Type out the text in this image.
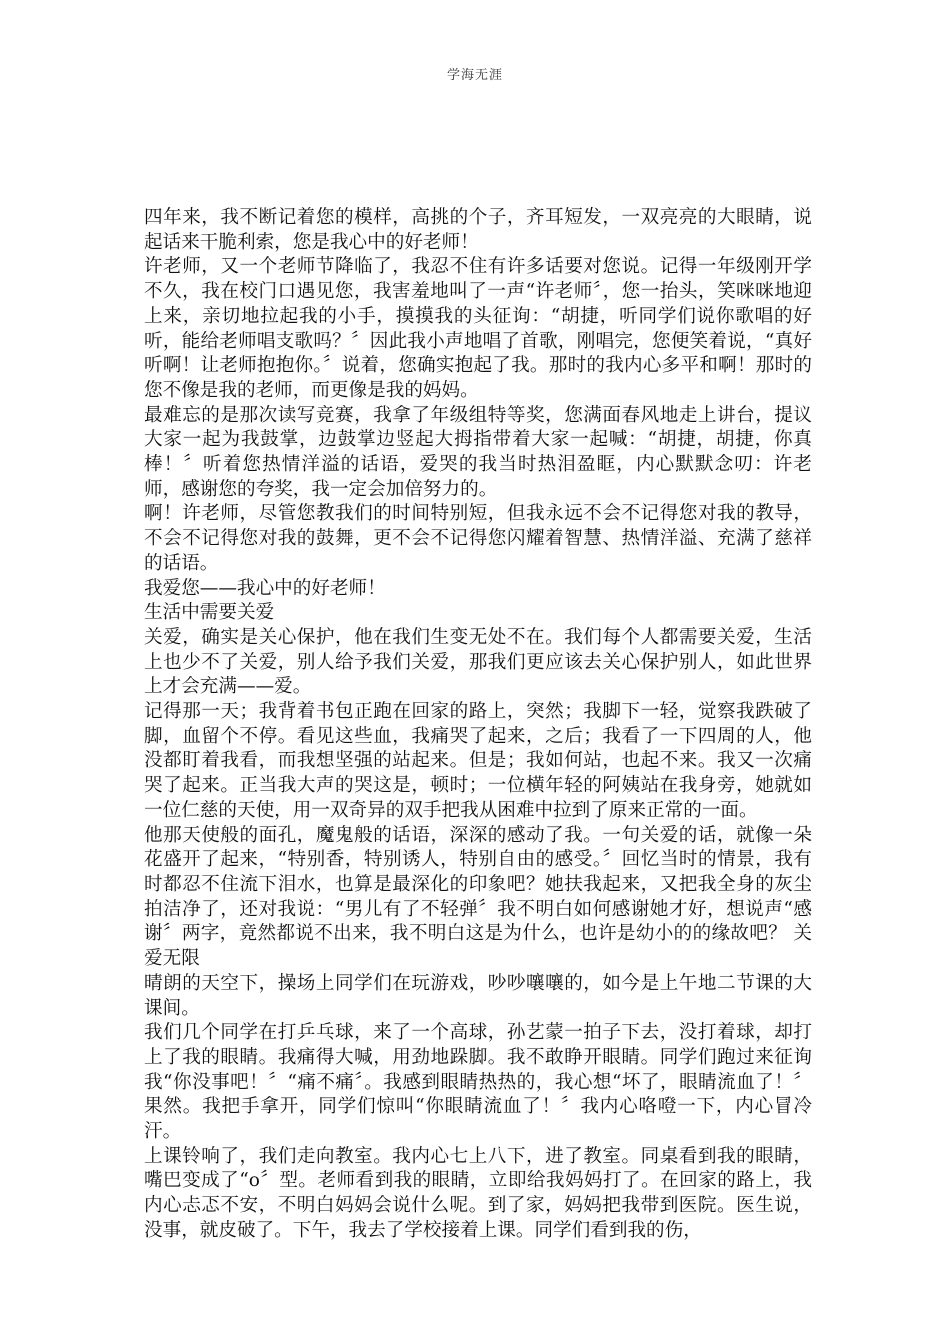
学海无涯

四年来，我不断记着您的模样，高挑的个子，齐耳短发，一双亮亮的大眼睛，说起话来干脆利索，您是我心中的好老师！

许老师，又一个老师节降临了，我忍不住有许多话要对您说。记得一年级刚开学不久，我在校门口遇见您，我害羞地叫了一声“许老师〞，您一抬头，笑咪咪地迎上来，亲切地拉起我的小手，摸摸我的头征询：“胡捷，听同学们说你歌唱的好听，能给老师唱支歌吗？〞因此我小声地唱了首歌，刚唱完，您便笑着说，“真好听啊！让老师抱抱你。〞说着，您确实抱起了我。那时的我内心多平和啊！那时的您不像是我的老师，而更像是我的妈妈。

最难忘的是那次读写竞赛，我拿了年级组特等奖，您满面春风地走上讲台，提议大家一起为我鼓掌，边鼓掌边竖起大拇指带着大家一起喊：“胡捷，胡捷，你真棒！〞听着您热情洋溢的话语，爱哭的我当时热泪盈眶，内心默默念叨：许老师，感谢您的夸奖，我一定会加倍努力的。

啊！许老师，尽管您教我们的时间特别短，但我永远不会不记得您对我的教导，不会不记得您对我的鼓舞，更不会不记得您闪耀着智慧、热情洋溢、充满了慈祥的话语。

我爱您——我心中的好老师！

生活中需要关爱

关爱，确实是关心保护，他在我们生变无处不在。我们每个人都需要关爱，生活上也少不了关爱，别人给予我们关爱，那我们更应该去关心保护别人，如此世界上才会充满——爱。

记得那一天；我背着书包正跑在回家的路上，突然；我脚下一轻，觉察我跌破了脚，血留个不停。看见这些血，我痛哭了起来，之后；我看了一下四周的人，他没都盯着我看，而我想坚强的站起来。但是；我如何站，也起不来。我又一次痛哭了起来。正当我大声的哭这是，顿时；一位横年轻的阿姨站在我身旁，她就如一位仁慈的天使，用一双奇异的双手把我从困难中拉到了原来正常的一面。

他那天使般的面孔，魔鬼般的话语，深深的感动了我。一句关爱的话，就像一朵花盛开了起来，“特别香，特别诱人，特别自由的感受。〞回忆当时的情景，我有时都忍不住流下泪水，也算是最深化的印象吧？她扶我起来，又把我全身的灰尘拍洁净了，还对我说：“男儿有了不轻弹〞我不明白如何感谢她才好，想说声“感谢〞两字，竟然都说不出来，我不明白这是为什么，也许是幼小的的缘故吧？ 关爱无限

晴朗的天空下，操场上同学们在玩游戏，吵吵嚷嚷的，如今是上午地二节课的大课间。

我们几个同学在打乒乓球，来了一个高球，孙艺蒙一拍子下去，没打着球，却打上了我的眼睛。我痛得大喊，用劲地跺脚。我不敢睁开眼睛。同学们跑过来征询我“你没事吧！〞“痛不痛〞。我感到眼睛热热的，我心想“坏了，眼睛流血了！〞果然。我把手拿开，同学们惊叫“你眼睛流血了！〞我内心咯噔一下，内心冒冷汗。

上课铃响了，我们走向教室。我内心七上八下，进了教室。同桌看到我的眼睛，嘴巴变成了“o〞型。老师看到我的眼睛，立即给我妈妈打了。在回家的路上，我内心忐忑不安，不明白妈妈会说什么呢。到了家，妈妈把我带到医院。医生说，没事，就皮破了。下午，我去了学校接着上课。同学们看到我的伤，
